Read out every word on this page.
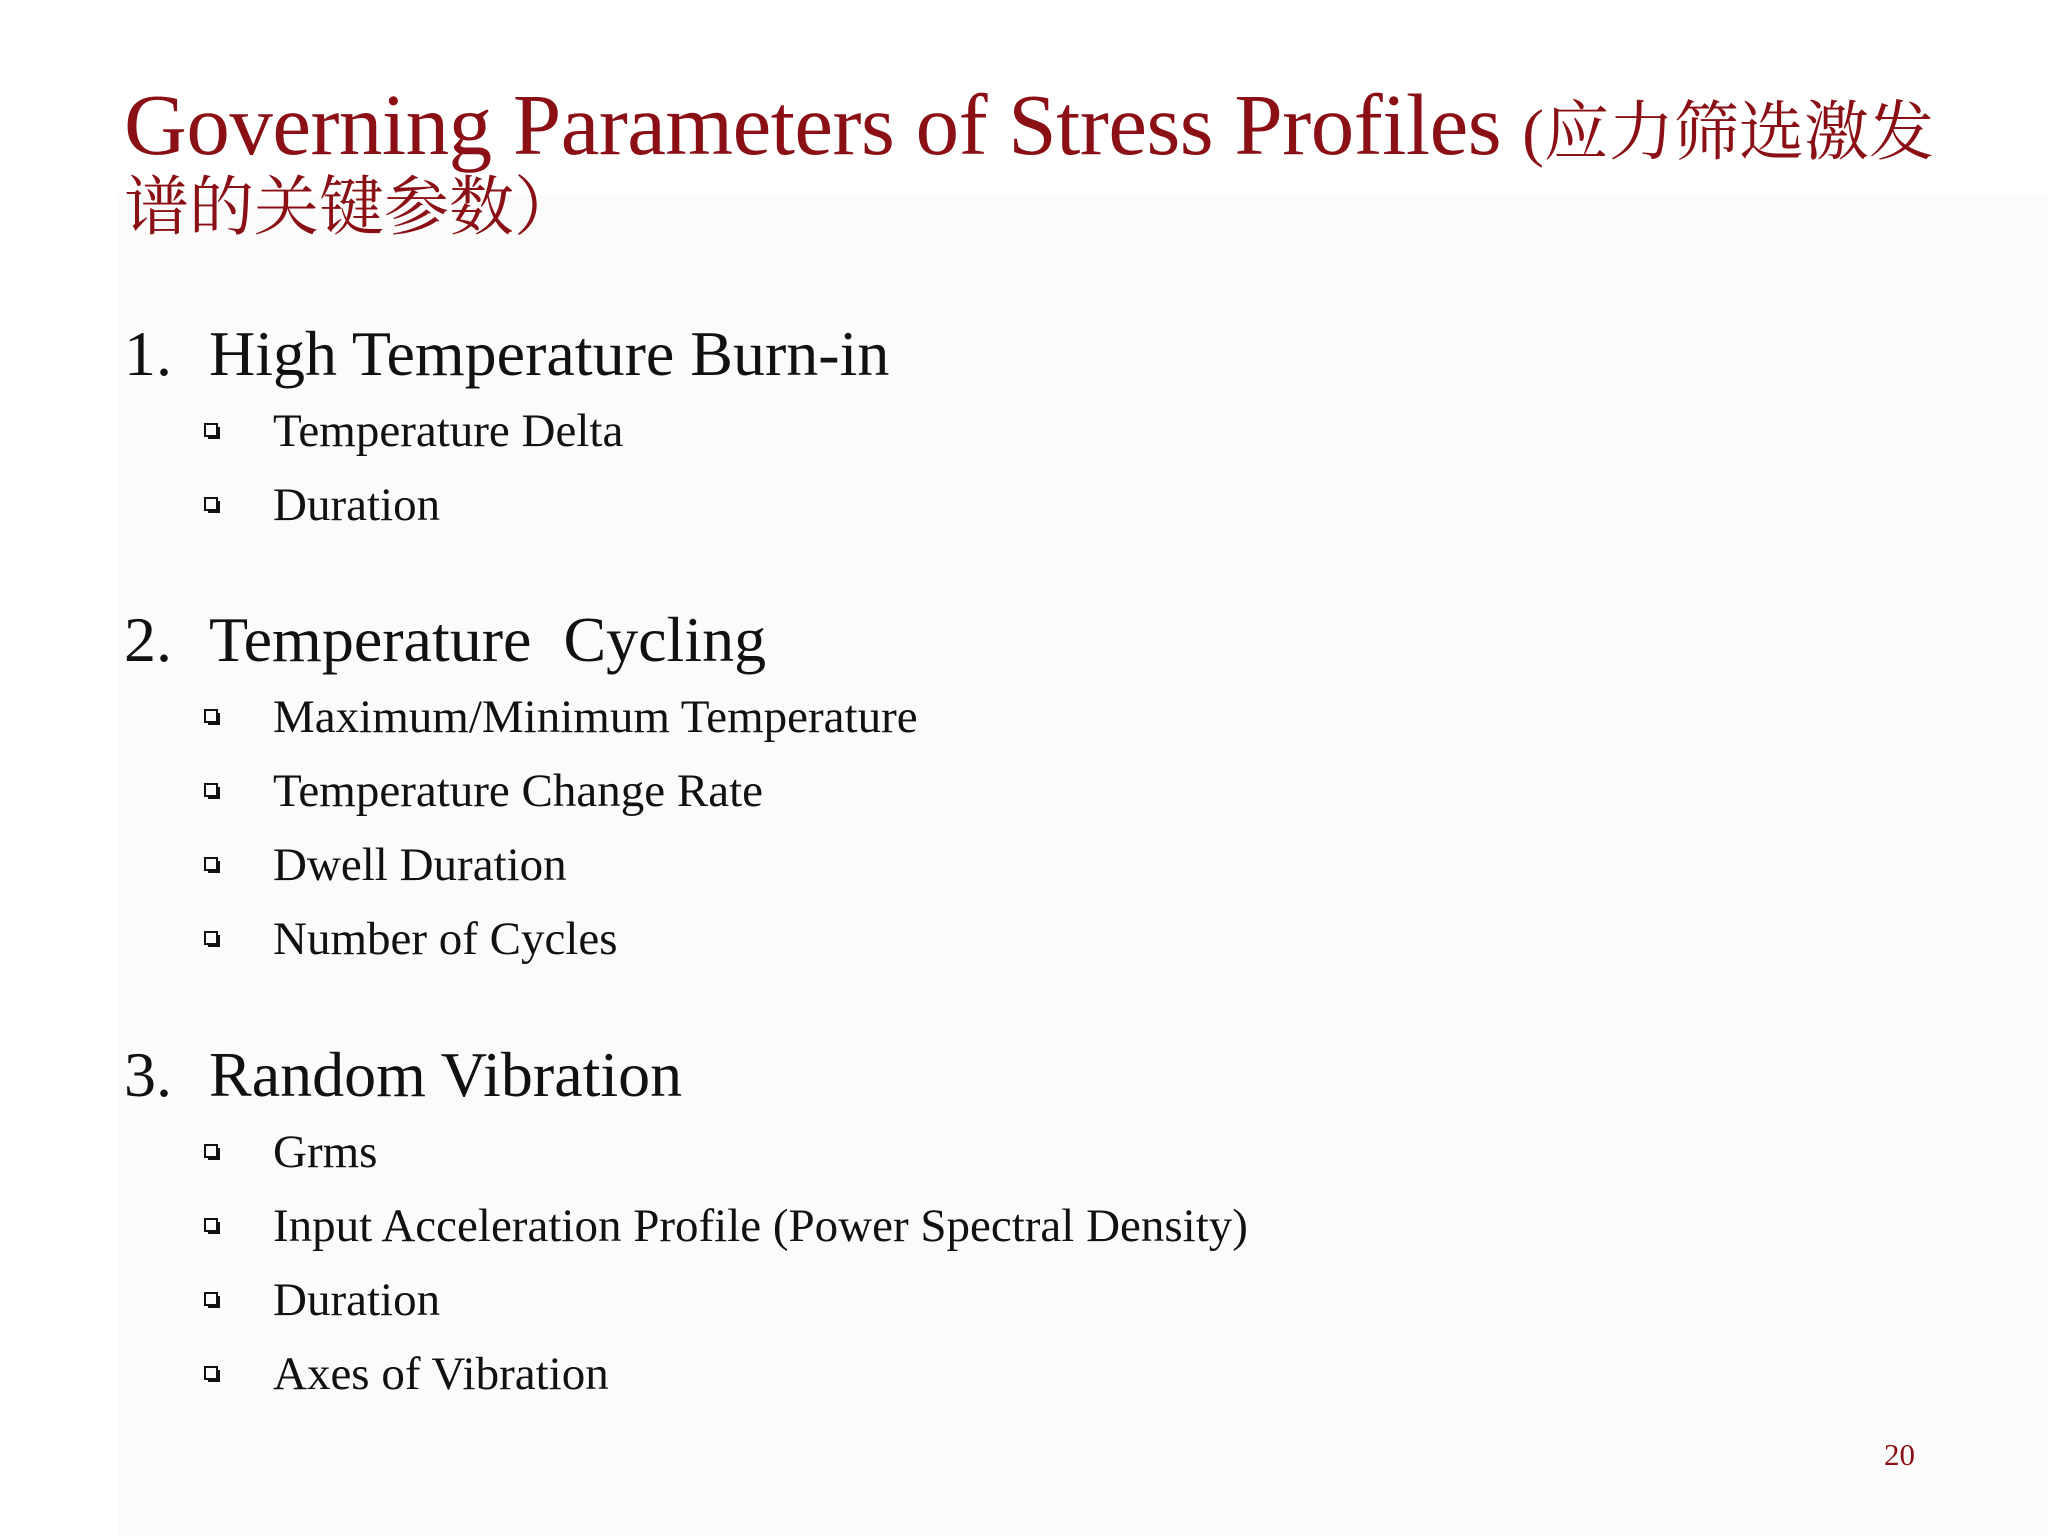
Governing Parameters of Stress Profiles (应力筛选激发谱的关键参数）
1. High Temperature Burn-in
Temperature Delta
Duration
2. Temperature  Cycling
Maximum/Minimum Temperature
Temperature Change Rate
Dwell Duration
Number of Cycles
3. Random Vibration
Grms
Input Acceleration Profile (Power Spectral Density)
Duration
Axes of Vibration
20
